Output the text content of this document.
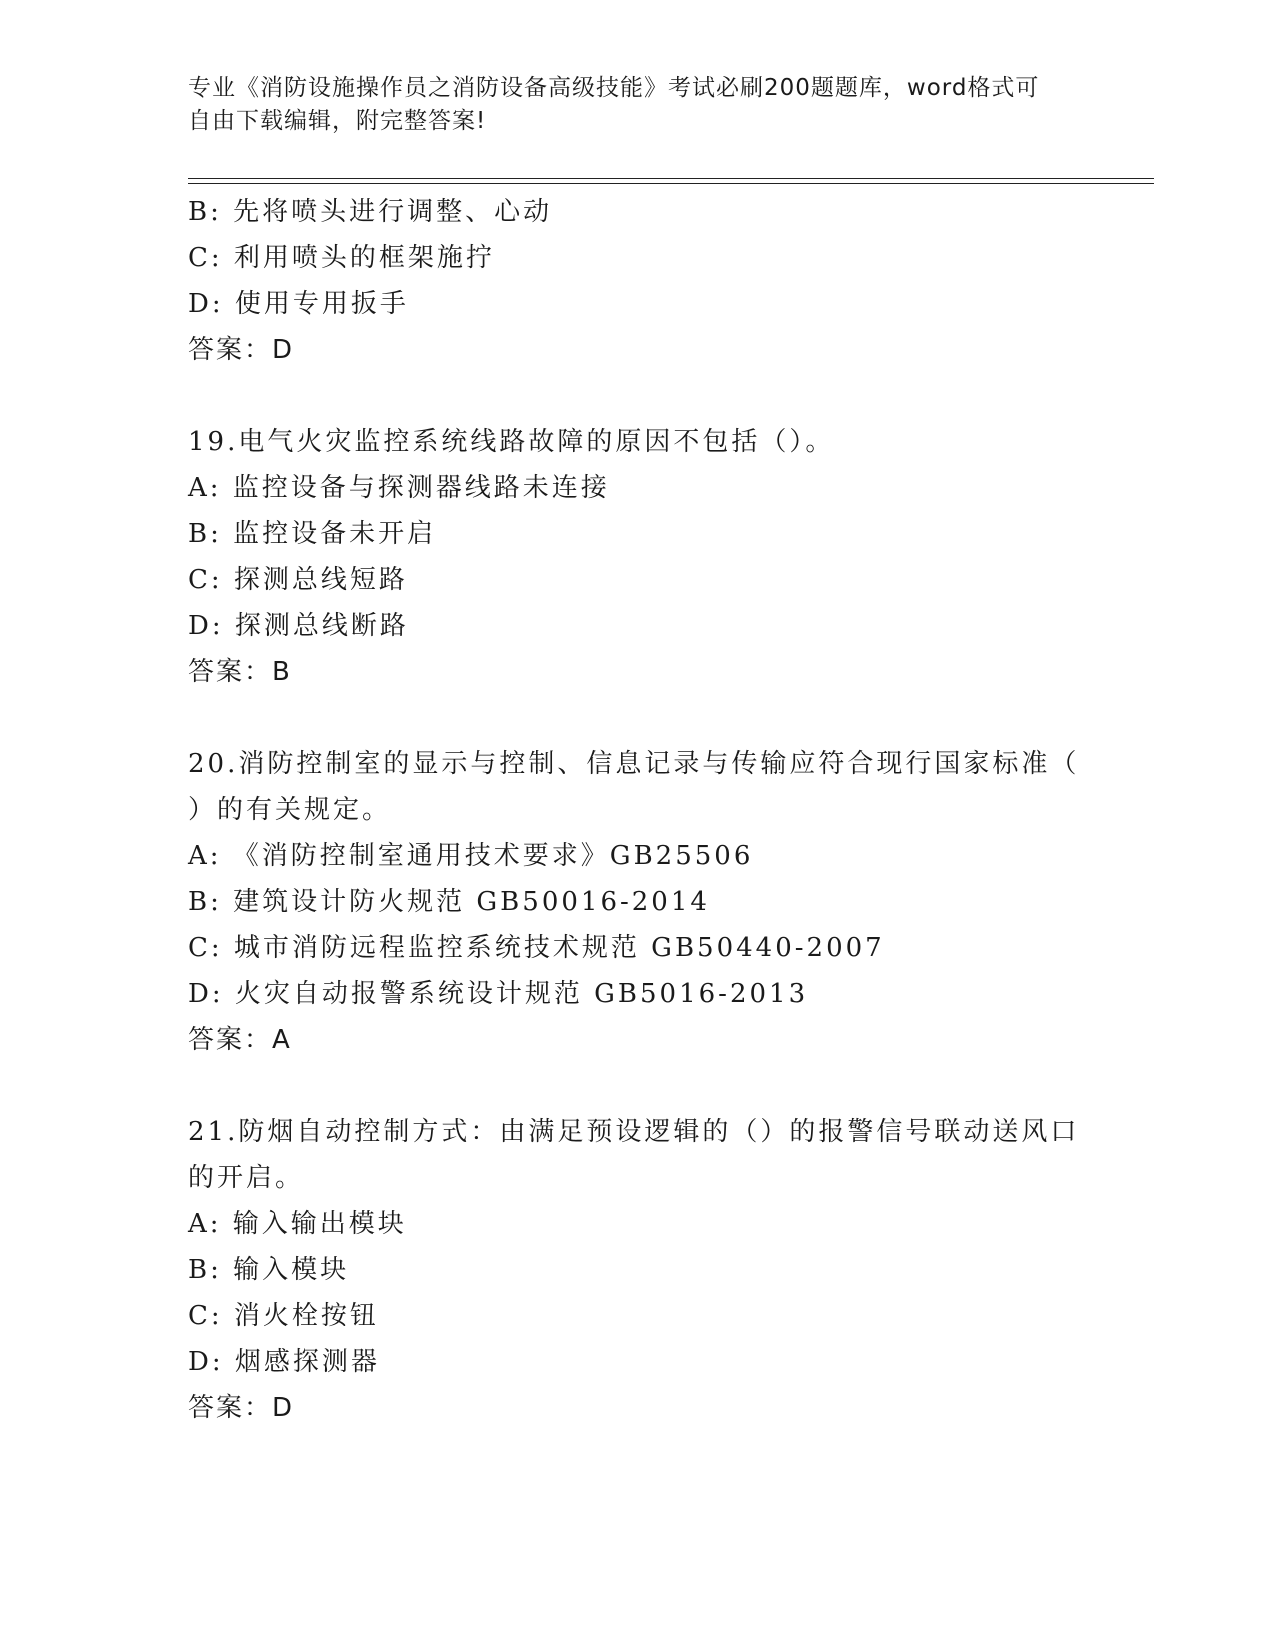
专业《消防设施操作员之消防设备高级技能》考试必刷200题题库，word格式可
自由下载编辑，附完整答案!
B: 先将喷头进行调整、心动
C: 利用喷头的框架施拧
D: 使用专用扳手
答案：D
19.电气火灾监控系统线路故障的原因不包括（）。
A: 监控设备与探测器线路未连接
B: 监控设备未开启
C: 探测总线短路
D: 探测总线断路
答案：B
20.消防控制室的显示与控制、信息记录与传输应符合现行国家标准（
）的有关规定。
A: 《消防控制室通用技术要求》GB25506
B: 建筑设计防火规范 GB50016-2014
C: 城市消防远程监控系统技术规范 GB50440-2007
D: 火灾自动报警系统设计规范 GB5016-2013
答案：A
21.防烟自动控制方式：由满足预设逻辑的（）的报警信号联动送风口
的开启。
A: 输入输出模块
B: 输入模块
C: 消火栓按钮
D: 烟感探测器
答案：D
